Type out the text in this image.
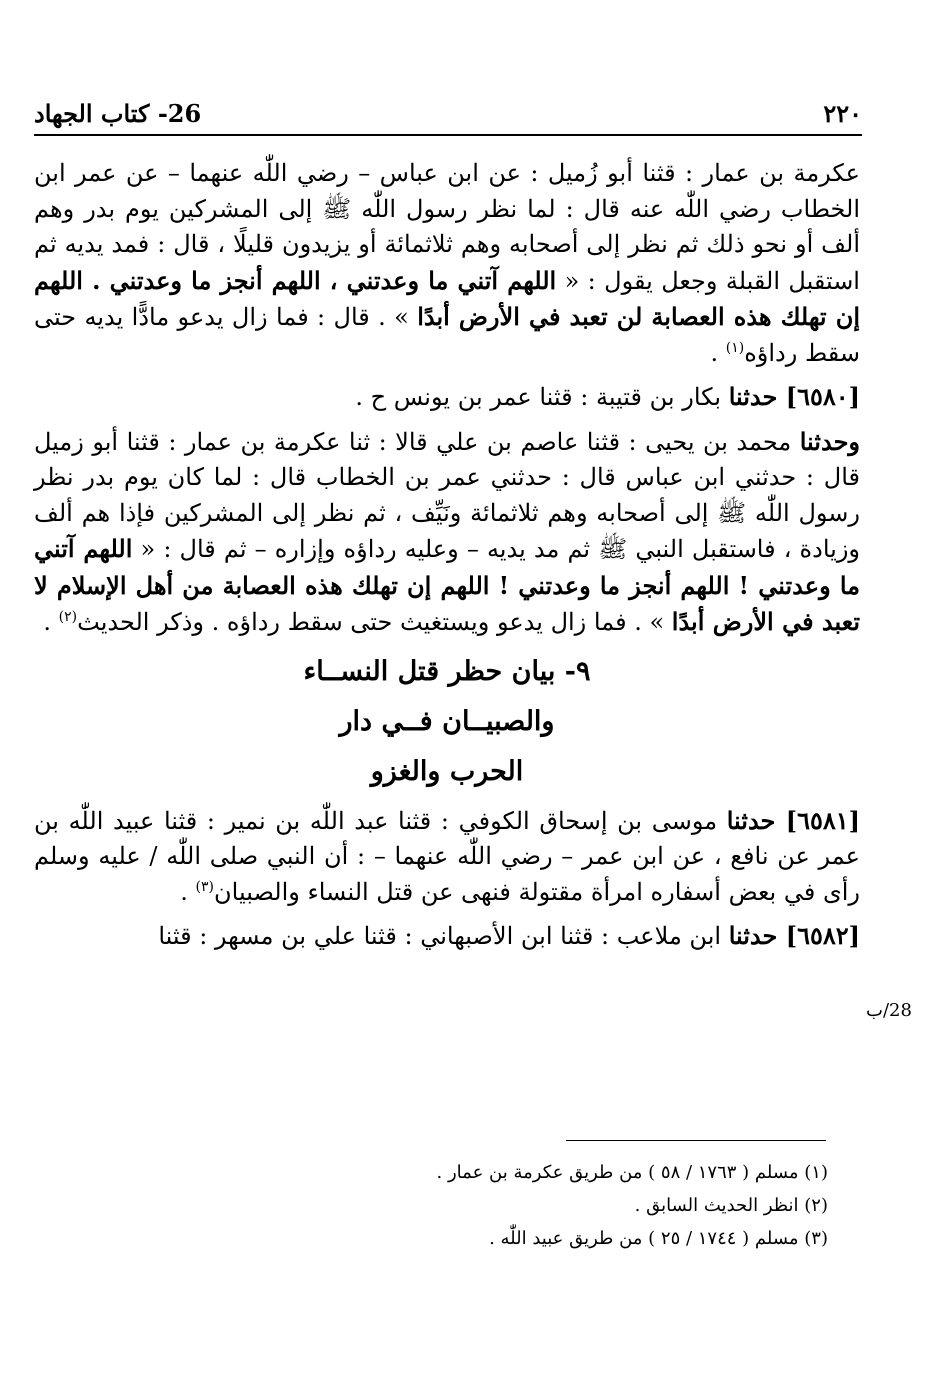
٢٢٠
26- كتاب الجهاد

عكرمة بن عمار : قثنا أبو زُميل : عن ابن عباس – رضي اللّٰه عنهما – عن عمر ابن الخطاب رضي اللّٰه عنه قال : لما نظر رسول اللّٰه ﷺ إلى المشركين يوم بدر وهم ألف أو نحو ذلك ثم نظر إلى أصحابه وهم ثلاثمائة أو يزيدون قليلًا ، قال : فمد يديه ثم استقبل القبلة وجعل يقول : « اللهم آتني ما وعدتني ، اللهم أنجز ما وعدتني . اللهم إن تهلك هذه العصابة لن تعبد في الأرض أبدًا » . قال : فما زال يدعو مادًّا يديه حتى سقط رداؤه$^{(١)}$ .

[٦٥٨٠] حدثنا بكار بن قتيبة : قثنا عمر بن يونس ح .

وحدثنا محمد بن يحيى : قثنا عاصم بن علي قالا : ثنا عكرمة بن عمار : قثنا أبو زميل قال : حدثني ابن عباس قال : حدثني عمر بن الخطاب قال : لما كان يوم بدر نظر رسول اللّٰه ﷺ إلى أصحابه وهم ثلاثمائة ونَيِّف ، ثم نظر إلى المشركين فإذا هم ألف وزيادة ، فاستقبل النبي ﷺ ثم مد يديه – وعليه رداؤه وإزاره – ثم قال : « اللهم آتني ما وعدتني ! اللهم أنجز ما وعدتني ! اللهم إن تهلك هذه العصابة من أهل الإسلام لا تعبد في الأرض أبدًا » . فما زال يدعو ويستغيث حتى سقط رداؤه . وذكر الحديث$^{(٢)}$ .

٩- بيان حظر قتل النســاء
والصبيــان فــي دار
الحرب والغزو

[٦٥٨١] حدثنا موسى بن إسحاق الكوفي : قثنا عبد اللّٰه بن نمير : قثنا عبيد اللّٰه بن عمر عن نافع ، عن ابن عمر – رضي اللّٰه عنهما – : أن النبي صلى اللّٰه / عليه وسلم رأى في بعض أسفاره امرأة مقتولة فنهى عن قتل النساء والصبيان$^{(٣)}$ .

[٦٥٨٢] حدثنا ابن ملاعب : قثنا ابن الأصبهاني : قثنا علي بن مسهر : قثنا

28/ب
(١) مسلم ( ١٧٦٣ / ٥٨ ) من طريق عكرمة بن عمار .
(٢) انظر الحديث السابق .
(٣) مسلم ( ١٧٤٤ / ٢٥ ) من طريق عبيد اللّٰه .
